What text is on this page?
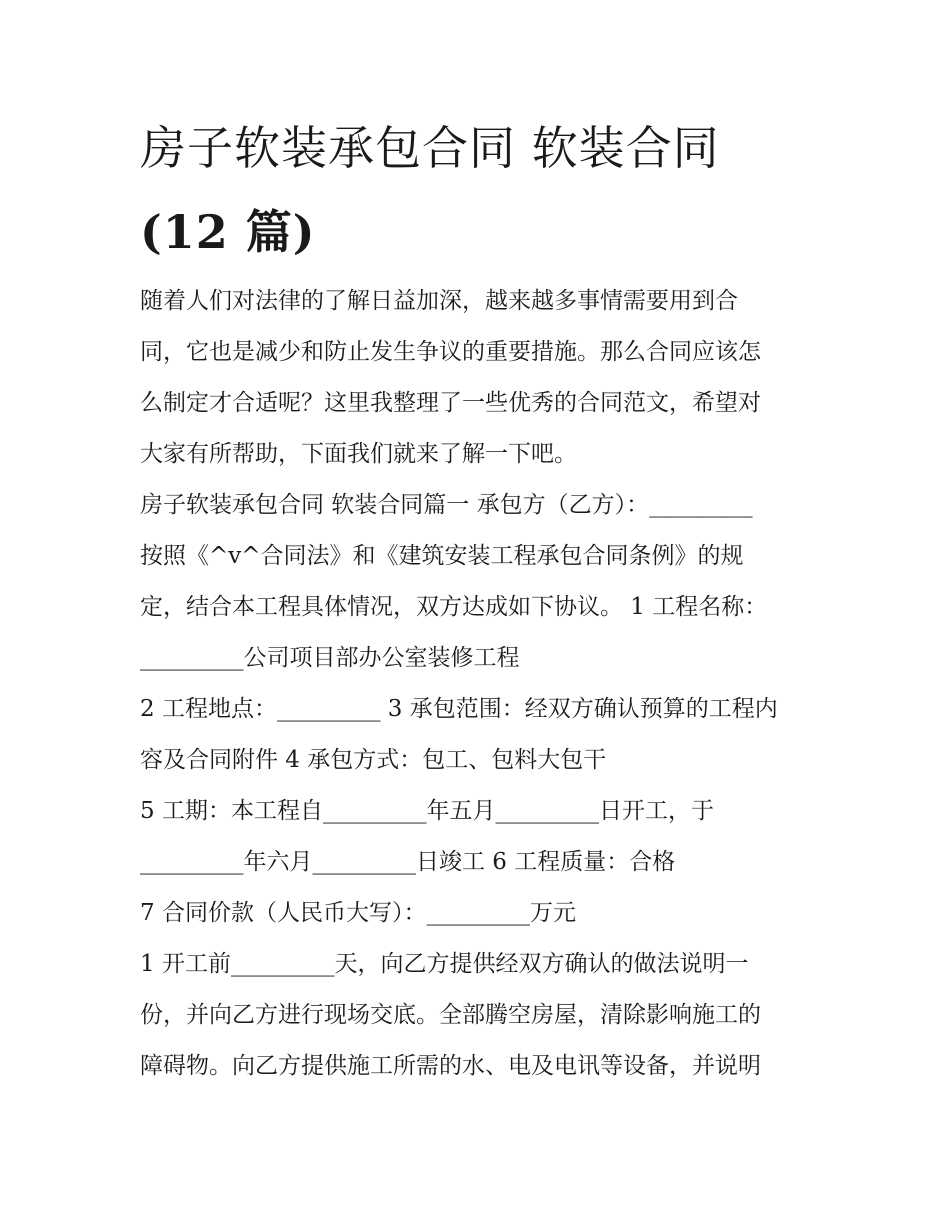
房子软装承包合同 软装合同
(12 篇)
随着人们对法律的了解日益加深，越来越多事情需要用到合
同，它也是减少和防止发生争议的重要措施。那么合同应该怎
么制定才合适呢？这里我整理了一些优秀的合同范文，希望对
大家有所帮助，下面我们就来了解一下吧。
房子软装承包合同 软装合同篇一 承包方（乙方）：_________
按照《^v^合同法》和《建筑安装工程承包合同条例》的规
定，结合本工程具体情况，双方达成如下协议。 1 工程名称：
_________公司项目部办公室装修工程
2 工程地点：_________ 3 承包范围：经双方确认预算的工程内
容及合同附件 4 承包方式：包工、包料大包干
5 工期：本工程自_________年五月_________日开工，于
_________年六月_________日竣工 6 工程质量：合格
7 合同价款（人民币大写）：_________万元
1 开工前_________天，向乙方提供经双方确认的做法说明一
份，并向乙方进行现场交底。全部腾空房屋，清除影响施工的
障碍物。向乙方提供施工所需的水、电及电讯等设备，并说明
